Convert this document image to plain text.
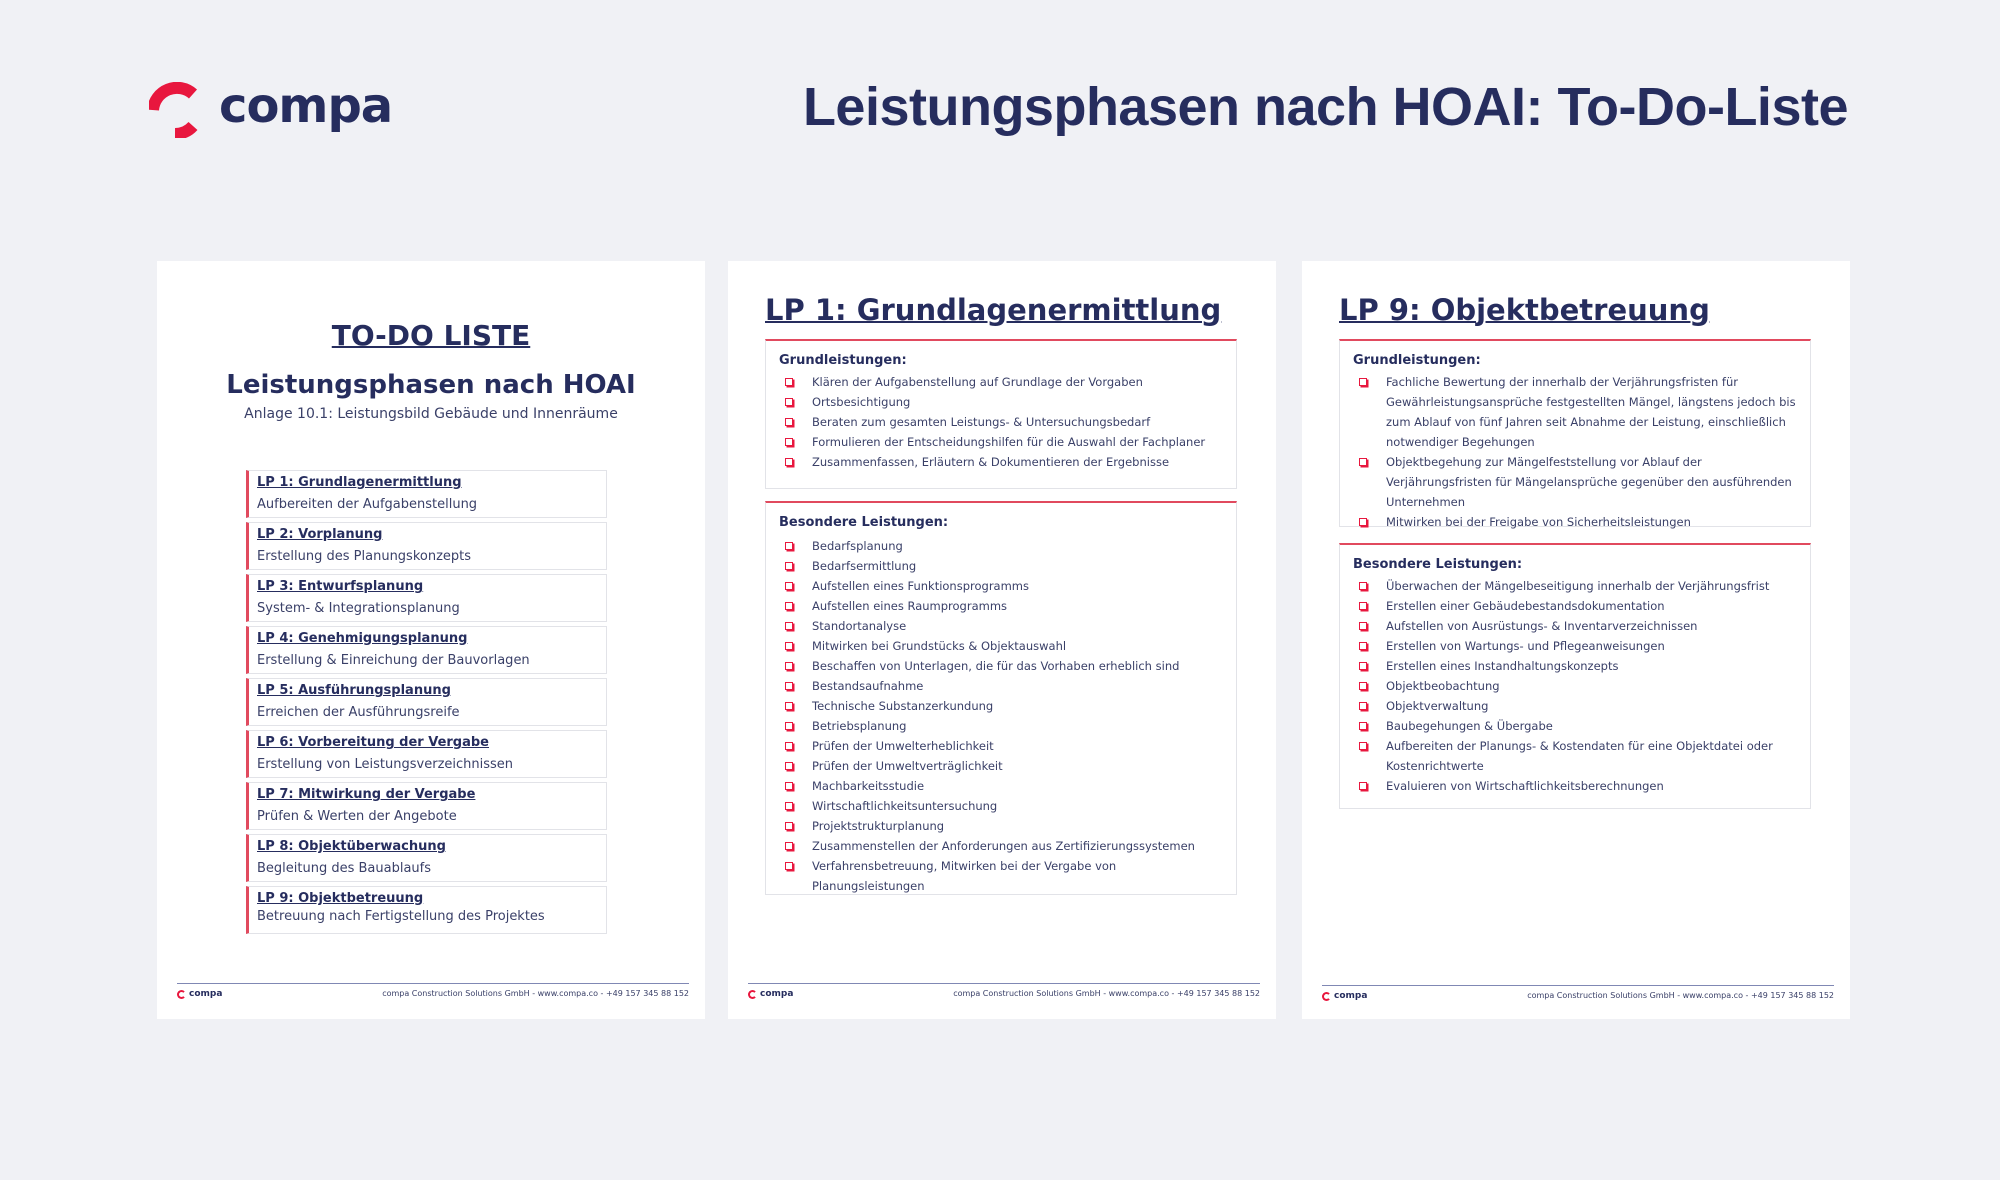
compa	Leistungsphasen nach HOAI: To-Do-Liste
TO-DO LISTE
Leistungsphasen nach HOAI
Anlage 10.1: Leistungsbild Gebäude und Innenräume
LP 1: Grundlagenermittlung
Aufbereiten der Aufgabenstellung
LP 2: Vorplanung
Erstellung des Planungskonzepts
LP 3: Entwurfsplanung
System- & Integrationsplanung
LP 4: Genehmigungsplanung
Erstellung & Einreichung der Bauvorlagen
LP 5: Ausführungsplanung
Erreichen der Ausführungsreife
LP 6: Vorbereitung der Vergabe
Erstellung von Leistungsverzeichnissen
LP 7: Mitwirkung der Vergabe
Prüfen & Werten der Angebote
LP 8: Objektüberwachung
Begleitung des Bauablaufs
LP 9: Objektbetreuung
Betreuung nach Fertigstellung des Projektes
compa	compa Construction Solutions GmbH - www.compa.co - +49 157 345 88 152
LP 1: Grundlagenermittlung
Grundleistungen:
Klären der Aufgabenstellung auf Grundlage der Vorgaben
Ortsbesichtigung
Beraten zum gesamten Leistungs- & Untersuchungsbedarf
Formulieren der Entscheidungshilfen für die Auswahl der Fachplaner
Zusammenfassen, Erläutern & Dokumentieren der Ergebnisse
Besondere Leistungen:
Bedarfsplanung
Bedarfsermittlung
Aufstellen eines Funktionsprogramms
Aufstellen eines Raumprogramms
Standortanalyse
Mitwirken bei Grundstücks & Objektauswahl
Beschaffen von Unterlagen, die für das Vorhaben erheblich sind
Bestandsaufnahme
Technische Substanzerkundung
Betriebsplanung
Prüfen der Umwelterheblichkeit
Prüfen der Umweltverträglichkeit
Machbarkeitsstudie
Wirtschaftlichkeitsuntersuchung
Projektstrukturplanung
Zusammenstellen der Anforderungen aus Zertifizierungssystemen
Verfahrensbetreuung, Mitwirken bei der Vergabe von Planungsleistungen
compa	compa Construction Solutions GmbH - www.compa.co - +49 157 345 88 152
LP 9: Objektbetreuung
Grundleistungen:
Fachliche Bewertung der innerhalb der Verjährungsfristen für Gewährleistungsansprüche festgestellten Mängel, längstens jedoch bis zum Ablauf von fünf Jahren seit Abnahme der Leistung, einschließlich notwendiger Begehungen
Objektbegehung zur Mängelfeststellung vor Ablauf der Verjährungsfristen für Mängelansprüche gegenüber den ausführenden Unternehmen
Mitwirken bei der Freigabe von Sicherheitsleistungen
Besondere Leistungen:
Überwachen der Mängelbeseitigung innerhalb der Verjährungsfrist
Erstellen einer Gebäudebestandsdokumentation
Aufstellen von Ausrüstungs- & Inventarverzeichnissen
Erstellen von Wartungs- und Pflegeanweisungen
Erstellen eines Instandhaltungskonzepts
Objektbeobachtung
Objektverwaltung
Baubegehungen & Übergabe
Aufbereiten der Planungs- & Kostendaten für eine Objektdatei oder Kostenrichtwerte
Evaluieren von Wirtschaftlichkeitsberechnungen
compa	compa Construction Solutions GmbH - www.compa.co - +49 157 345 88 152
